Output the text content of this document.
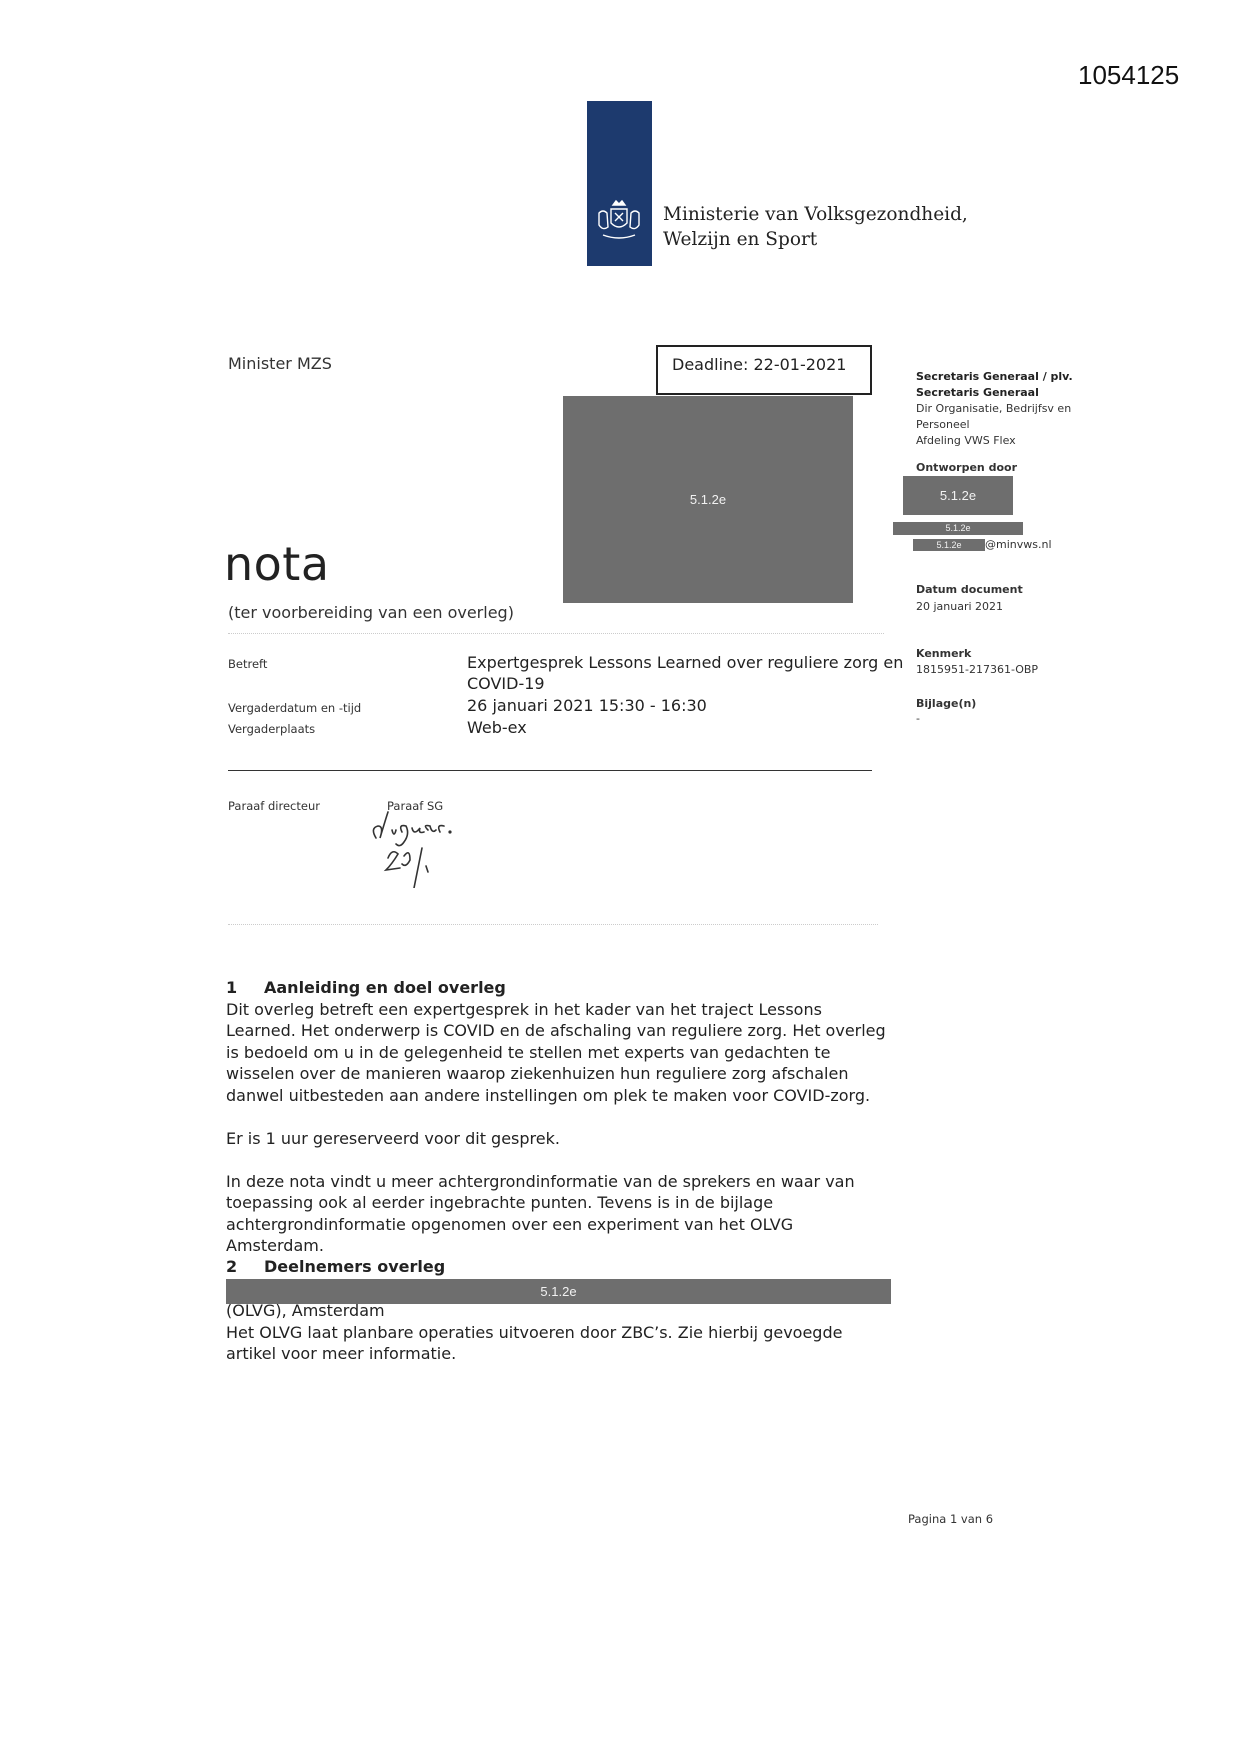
1054125
Ministerie van Volksgezondheid,
Welzijn en Sport
Minister MZS	Deadline: 22-01-2021
5.1.2e
nota
(ter voorbereiding van een overleg)
Betreft	Expertgesprek Lessons Learned over reguliere zorg en COVID-19
Vergaderdatum en -tijd	26 januari 2021 15:30 - 16:30
Vergaderplaats	Web-ex
Paraaf directeur	Paraaf SG
Secretaris Generaal / plv.
Secretaris Generaal
Dir Organisatie, Bedrijfsv en Personeel
Afdeling VWS Flex
Ontworpen door
5.1.2e
5.1.2e
5.1.2e	@minvws.nl
Datum document
20 januari 2021
Kenmerk
1815951-217361-OBP
Bijlage(n)
-
1 Aanleiding en doel overleg
Dit overleg betreft een expertgesprek in het kader van het traject Lessons Learned. Het onderwerp is COVID en de afschaling van reguliere zorg. Het overleg is bedoeld om u in de gelegenheid te stellen met experts van gedachten te wisselen over de manieren waarop ziekenhuizen hun reguliere zorg afschalen danwel uitbesteden aan andere instellingen om plek te maken voor COVID-zorg.
Er is 1 uur gereserveerd voor dit gesprek.
In deze nota vindt u meer achtergrondinformatie van de sprekers en waar van toepassing ook al eerder ingebrachte punten. Tevens is in de bijlage achtergrondinformatie opgenomen over een experiment van het OLVG Amsterdam.
2 Deelnemers overleg
5.1.2e
(OLVG), Amsterdam
Het OLVG laat planbare operaties uitvoeren door ZBC’s. Zie hierbij gevoegde artikel voor meer informatie.
Pagina 1 van 6
